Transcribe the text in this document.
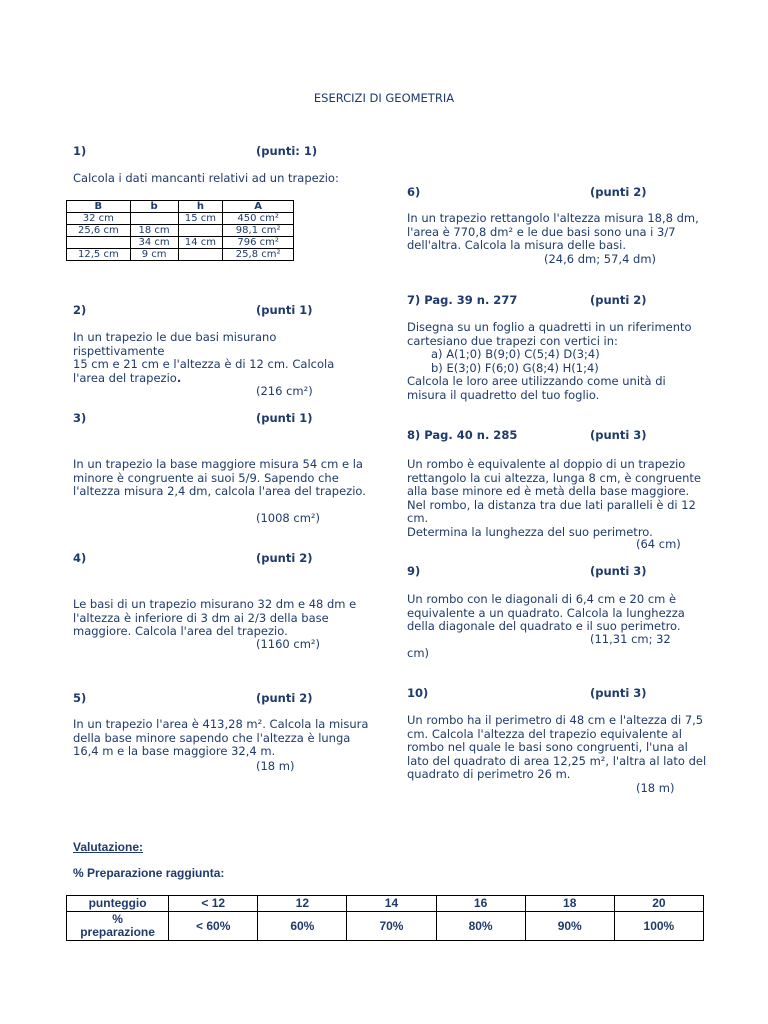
ESERCIZI DI GEOMETRIA
1)	(punti: 1)
Calcola i dati mancanti relativi ad un trapezio:
B	b	h	A
32 cm		15 cm	450 cm²
25,6 cm	18 cm		98,1 cm²
	34 cm	14 cm	796 cm²
12,5 cm	9 cm		25,8 cm²
2)	(punti 1)
In un trapezio le due basi misurano
rispettivamente
15 cm e 21 cm e l'altezza è di 12 cm. Calcola
l'area del trapezio.
(216 cm²)
3)	(punti 1)
In un trapezio la base maggiore misura 54 cm e la minore è congruente ai suoi 5/9. Sapendo che l'altezza misura 2,4 dm, calcola l'area del trapezio.
(1008 cm²)
4)	(punti 2)
Le basi di un trapezio misurano 32 dm e 48 dm e l'altezza è inferiore di 3 dm ai 2/3 della base maggiore. Calcola l'area del trapezio.
(1160 cm²)
5)	(punti 2)
In un trapezio l'area è 413,28 m². Calcola la misura della base minore sapendo che l'altezza è lunga 16,4 m e la base maggiore 32,4 m.
(18 m)
6)	(punti 2)
In un trapezio rettangolo l'altezza misura 18,8 dm, l'area è 770,8 dm² e le due basi sono una i 3/7 dell'altra. Calcola la misura delle basi.
(24,6 dm; 57,4 dm)
7) Pag. 39 n. 277	(punti 2)
Disegna su un foglio a quadretti in un riferimento cartesiano due trapezi con vertici in:
a) A(1;0) B(9;0) C(5;4) D(3;4)
b) E(3;0) F(6;0) G(8;4) H(1;4)
Calcola le loro aree utilizzando come unità di misura il quadretto del tuo foglio.
8) Pag. 40 n. 285	(punti 3)
Un rombo è equivalente al doppio di un trapezio rettangolo la cui altezza, lunga 8 cm, è congruente alla base minore ed è metà della base maggiore. Nel rombo, la distanza tra due lati paralleli è di 12 cm.
Determina la lunghezza del suo perimetro.
(64 cm)
9)	(punti 3)
Un rombo con le diagonali di 6,4 cm e 20 cm è equivalente a un quadrato. Calcola la lunghezza della diagonale del quadrato e il suo perimetro.
(11,31 cm; 32
cm)
10)	(punti 3)
Un rombo ha il perimetro di 48 cm e l'altezza di 7,5 cm. Calcola l'altezza del trapezio equivalente al rombo nel quale le basi sono congruenti, l'una al lato del quadrato di area 12,25 m², l'altra al lato del quadrato di perimetro 26 m.
(18 m)
Valutazione:
% Preparazione raggiunta:
punteggio	< 12	12	14	16	18	20

%
preparazione	< 60%	60%	70%	80%	90%	100%
